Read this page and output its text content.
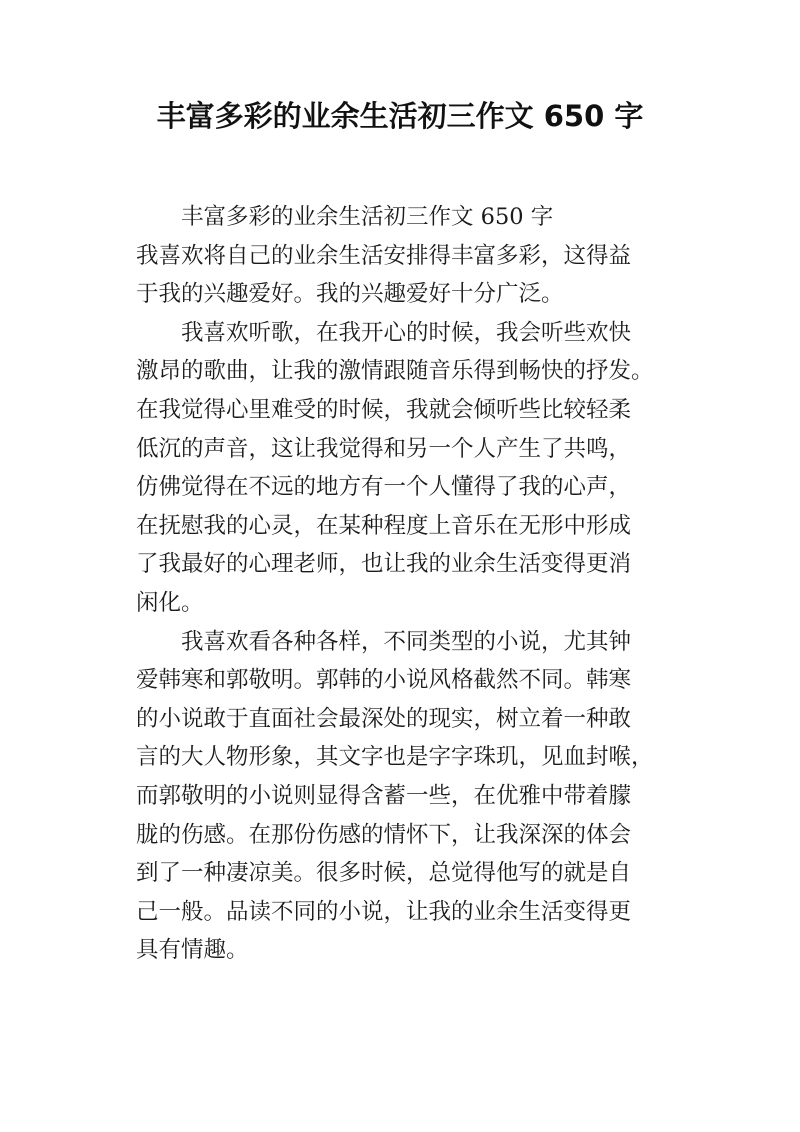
丰富多彩的业余生活初三作文 650 字

丰富多彩的业余生活初三作文 650 字

我喜欢将自己的业余生活安排得丰富多彩，这得益

于我的兴趣爱好。我的兴趣爱好十分广泛。

我喜欢听歌，在我开心的时候，我会听些欢快

激昂的歌曲，让我的激情跟随音乐得到畅快的抒发。

在我觉得心里难受的时候，我就会倾听些比较轻柔

低沉的声音，这让我觉得和另一个人产生了共鸣，

仿佛觉得在不远的地方有一个人懂得了我的心声，

在抚慰我的心灵，在某种程度上音乐在无形中形成

了我最好的心理老师，也让我的业余生活变得更消

闲化。

我喜欢看各种各样，不同类型的小说，尤其钟

爱韩寒和郭敬明。郭韩的小说风格截然不同。韩寒

的小说敢于直面社会最深处的现实，树立着一种敢

言的大人物形象，其文字也是字字珠玑，见血封喉，

而郭敬明的小说则显得含蓄一些，在优雅中带着朦

胧的伤感。在那份伤感的情怀下，让我深深的体会

到了一种凄凉美。很多时候，总觉得他写的就是自

己一般。品读不同的小说，让我的业余生活变得更

具有情趣。
